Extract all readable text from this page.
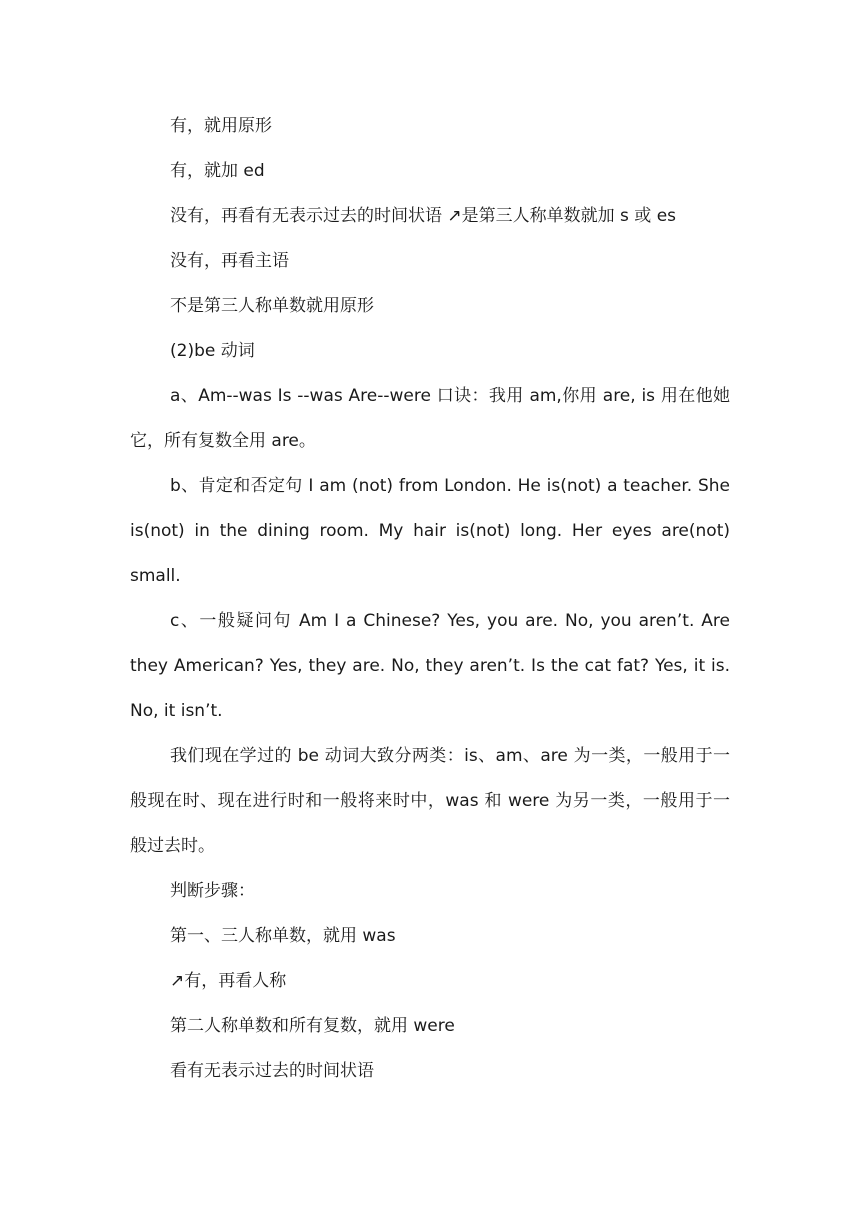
有，就用原形

有，就加 ed

没有，再看有无表示过去的时间状语 ↗是第三人称单数就加 s 或 es

没有，再看主语

不是第三人称单数就用原形

(2)be 动词

a、Am--was Is --was Are--were 口诀：我用 am,你用 are, is 用在他她它，所有复数全用 are。

b、肯定和否定句 I am (not) from London. He is(not) a teacher. She is(not) in the dining room. My hair is(not) long. Her eyes are(not) small.

c、一般疑问句 Am I a Chinese? Yes, you are. No, you aren’t. Are they American? Yes, they are. No, they aren’t. Is the cat fat? Yes, it is. No, it isn’t.

我们现在学过的 be 动词大致分两类：is、am、are 为一类，一般用于一般现在时、现在进行时和一般将来时中，was 和 were 为另一类，一般用于一般过去时。

判断步骤：

第一、三人称单数，就用 was

↗有，再看人称

第二人称单数和所有复数，就用 were

看有无表示过去的时间状语
